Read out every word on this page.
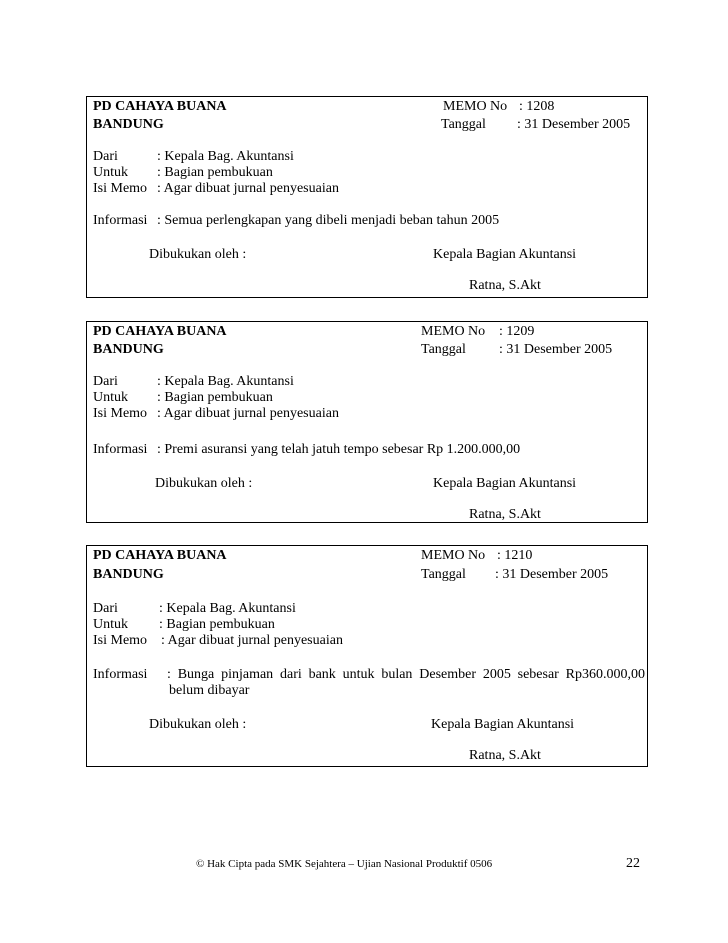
PD CAHAYA BUANA
BANDUNG
MEMO No : 1208
Tanggal : 31 Desember 2005
Dari	: Kepala Bag. Akuntansi
Untuk : Bagian pembukuan
Isi Memo : Agar dibuat jurnal penyesuaian
Informasi : Semua perlengkapan yang dibeli menjadi beban tahun 2005
Dibukukan oleh :	Kepala Bagian Akuntansi
Ratna, S.Akt
PD CAHAYA BUANA
BANDUNG
MEMO No : 1209
Tanggal : 31 Desember 2005
Dari	: Kepala Bag. Akuntansi
Untuk : Bagian pembukuan
Isi Memo : Agar dibuat jurnal penyesuaian
Informasi : Premi asuransi yang telah jatuh tempo sebesar Rp 1.200.000,00
Dibukukan oleh :	Kepala Bagian Akuntansi
Ratna, S.Akt
PD CAHAYA BUANA
BANDUNG
MEMO No : 1210
Tanggal : 31 Desember 2005
Dari	: Kepala Bag. Akuntansi
Untuk : Bagian pembukuan
Isi Memo : Agar dibuat jurnal penyesuaian
Informasi : Bunga pinjaman dari bank untuk bulan Desember 2005 sebesar Rp360.000,00
belum dibayar
Dibukukan oleh :	Kepala Bagian Akuntansi
Ratna, S.Akt
© Hak Cipta pada SMK Sejahtera – Ujian Nasional Produktif 0506	22
